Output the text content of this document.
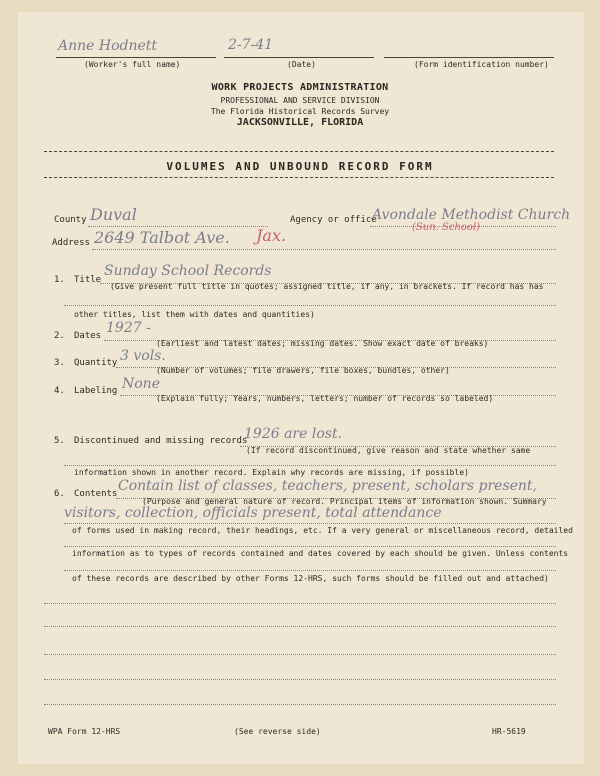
Anne Hodnett	2-7-41
(Worker's full name)	(Date)	(Form identification number)
WORK PROJECTS ADMINISTRATION
PROFESSIONAL AND SERVICE DIVISION
The Florida Historical Records Survey
JACKSONVILLE, FLORIDA
VOLUMES AND UNBOUND RECORD FORM
County Duval	Agency or office
Avondale Methodist Church
(Sun. School)
Address 2649 Talbot Ave. Jax.
1. Title
Sunday School Records
(Give present full title in quotes; assigned title, if any, in brackets. If record has has
other titles, list them with dates and quantities)
2. Dates 1927 -
(Earliest and latest dates; missing dates. Show exact date of breaks)
3. Quantity 3 vols.
(Number of volumes; file drawers, file boxes, bundles, other)
4. Labeling None
(Explain fully; Years, numbers, letters; number of records so labeled)
5. Discontinued and missing records
1926 are lost.
(If record discontinued, give reason and state whether same
information shown in another record. Explain why records are missing, if possible)
6. Contents Contain list of classes, teachers, present, scholars present,
(Purpose and general nature of record. Principal items of information shown. Summary
visitors, collection, officials present, total attendance
of forms used in making record, their headings, etc. If a very general or miscellaneous record, detailed
information as to types of records contained and dates covered by each should be given. Unless contents
of these records are described by other Forms 12-HRS, such forms should be filled out and attached)
WPA Form 12-HRS	(See reverse side)	HR-5619
